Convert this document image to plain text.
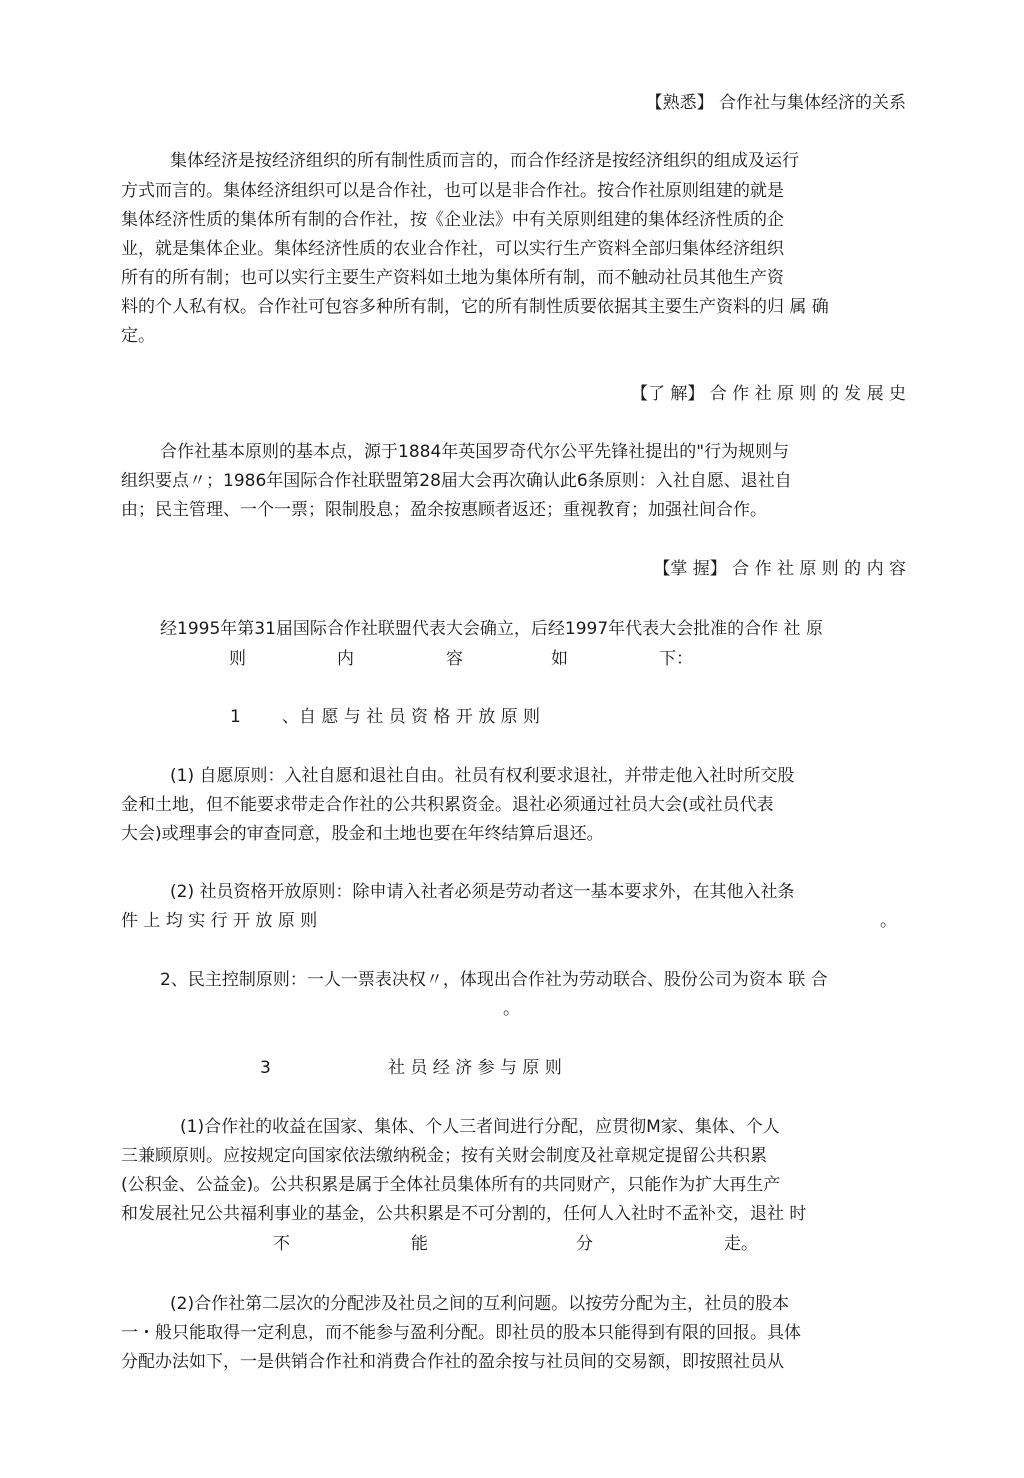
【熟悉】 合作社与集体经济的关系

集体经济是按经济组织的所有制性质而言的，而合作经济是按经济组织的组成及运行

方式而言的。集体经济组织可以是合作社，也可以是非合作社。按合作社原则组建的就是

集体经济性质的集体所有制的合作社，按《企业法》中有关原则组建的集体经济性质的企

业，就是集体企业。集体经济性质的农业合作社，可以实行生产资料全部归集体经济组织

所有的所有制；也可以实行主要生产资料如土地为集体所有制，而不触动社员其他生产资

料的个人私有权。合作社可包容多种所有制，它的所有制性质要依据其主要生产资料的归 属 确

定。

【了 解】 合 作 社 原 则 的 发 展 史

合作社基本原则的基本点，源于1884年英国罗奇代尔公平先锋社提出的"行为规则与

组织要点〃；1986年国际合作社联盟第28届大会再次确认此6条原则：入社自愿、退社自

由；民主管理、一个一票；限制股息；盈余按惠顾者返还；重视教育；加强社间合作。

【掌 握】 合 作 社 原 则 的 内 容

经1995年第31届国际合作社联盟代表大会确立，后经1997年代表大会批准的合作 社 原

则	内	容	如	下：

1 、自 愿 与 社 员 资 格 开 放 原 则

(1) 自愿原则：入社自愿和退社自由。社员有权利要求退社，并带走他入社时所交股

金和土地，但不能要求带走合作社的公共积累资金。退社必须通过社员大会(或社员代表

大会)或理事会的审查同意，股金和土地也要在年终结算后退还。

(2) 社员资格开放原则：除申请入社者必须是劳动者这一基本要求外，在其他入社条

件 上 均 实 行 开 放 原 则	。

2、民主控制原则：一人一票表决权〃，体现出合作社为劳动联合、股份公司为资本 联 合

。

3	社 员 经 济 参 与 原 则

(1)合作社的收益在国家、集体、个人三者间进行分配，应贯彻M家、集体、个人

三兼顾原则。应按规定向国家依法缴纳税金；按有关财会制度及社章规定提留公共积累

(公积金、公益金)。公共积累是属于全体社员集体所有的共同财产，只能作为扩大再生产

和发展社兄公共福利事业的基金，公共积累是不可分割的，任何人入社时不孟补交，退社 时

不	能	分	走。

(2)合作社第二层次的分配涉及社员之间的互利问题。以按劳分配为主，社员的股本

一・般只能取得一定利息，而不能参与盈利分配。即社员的股本只能得到有限的回报。具体

分配办法如下，一是供销合作社和消费合作社的盈余按与社员间的交易额，即按照社员从
